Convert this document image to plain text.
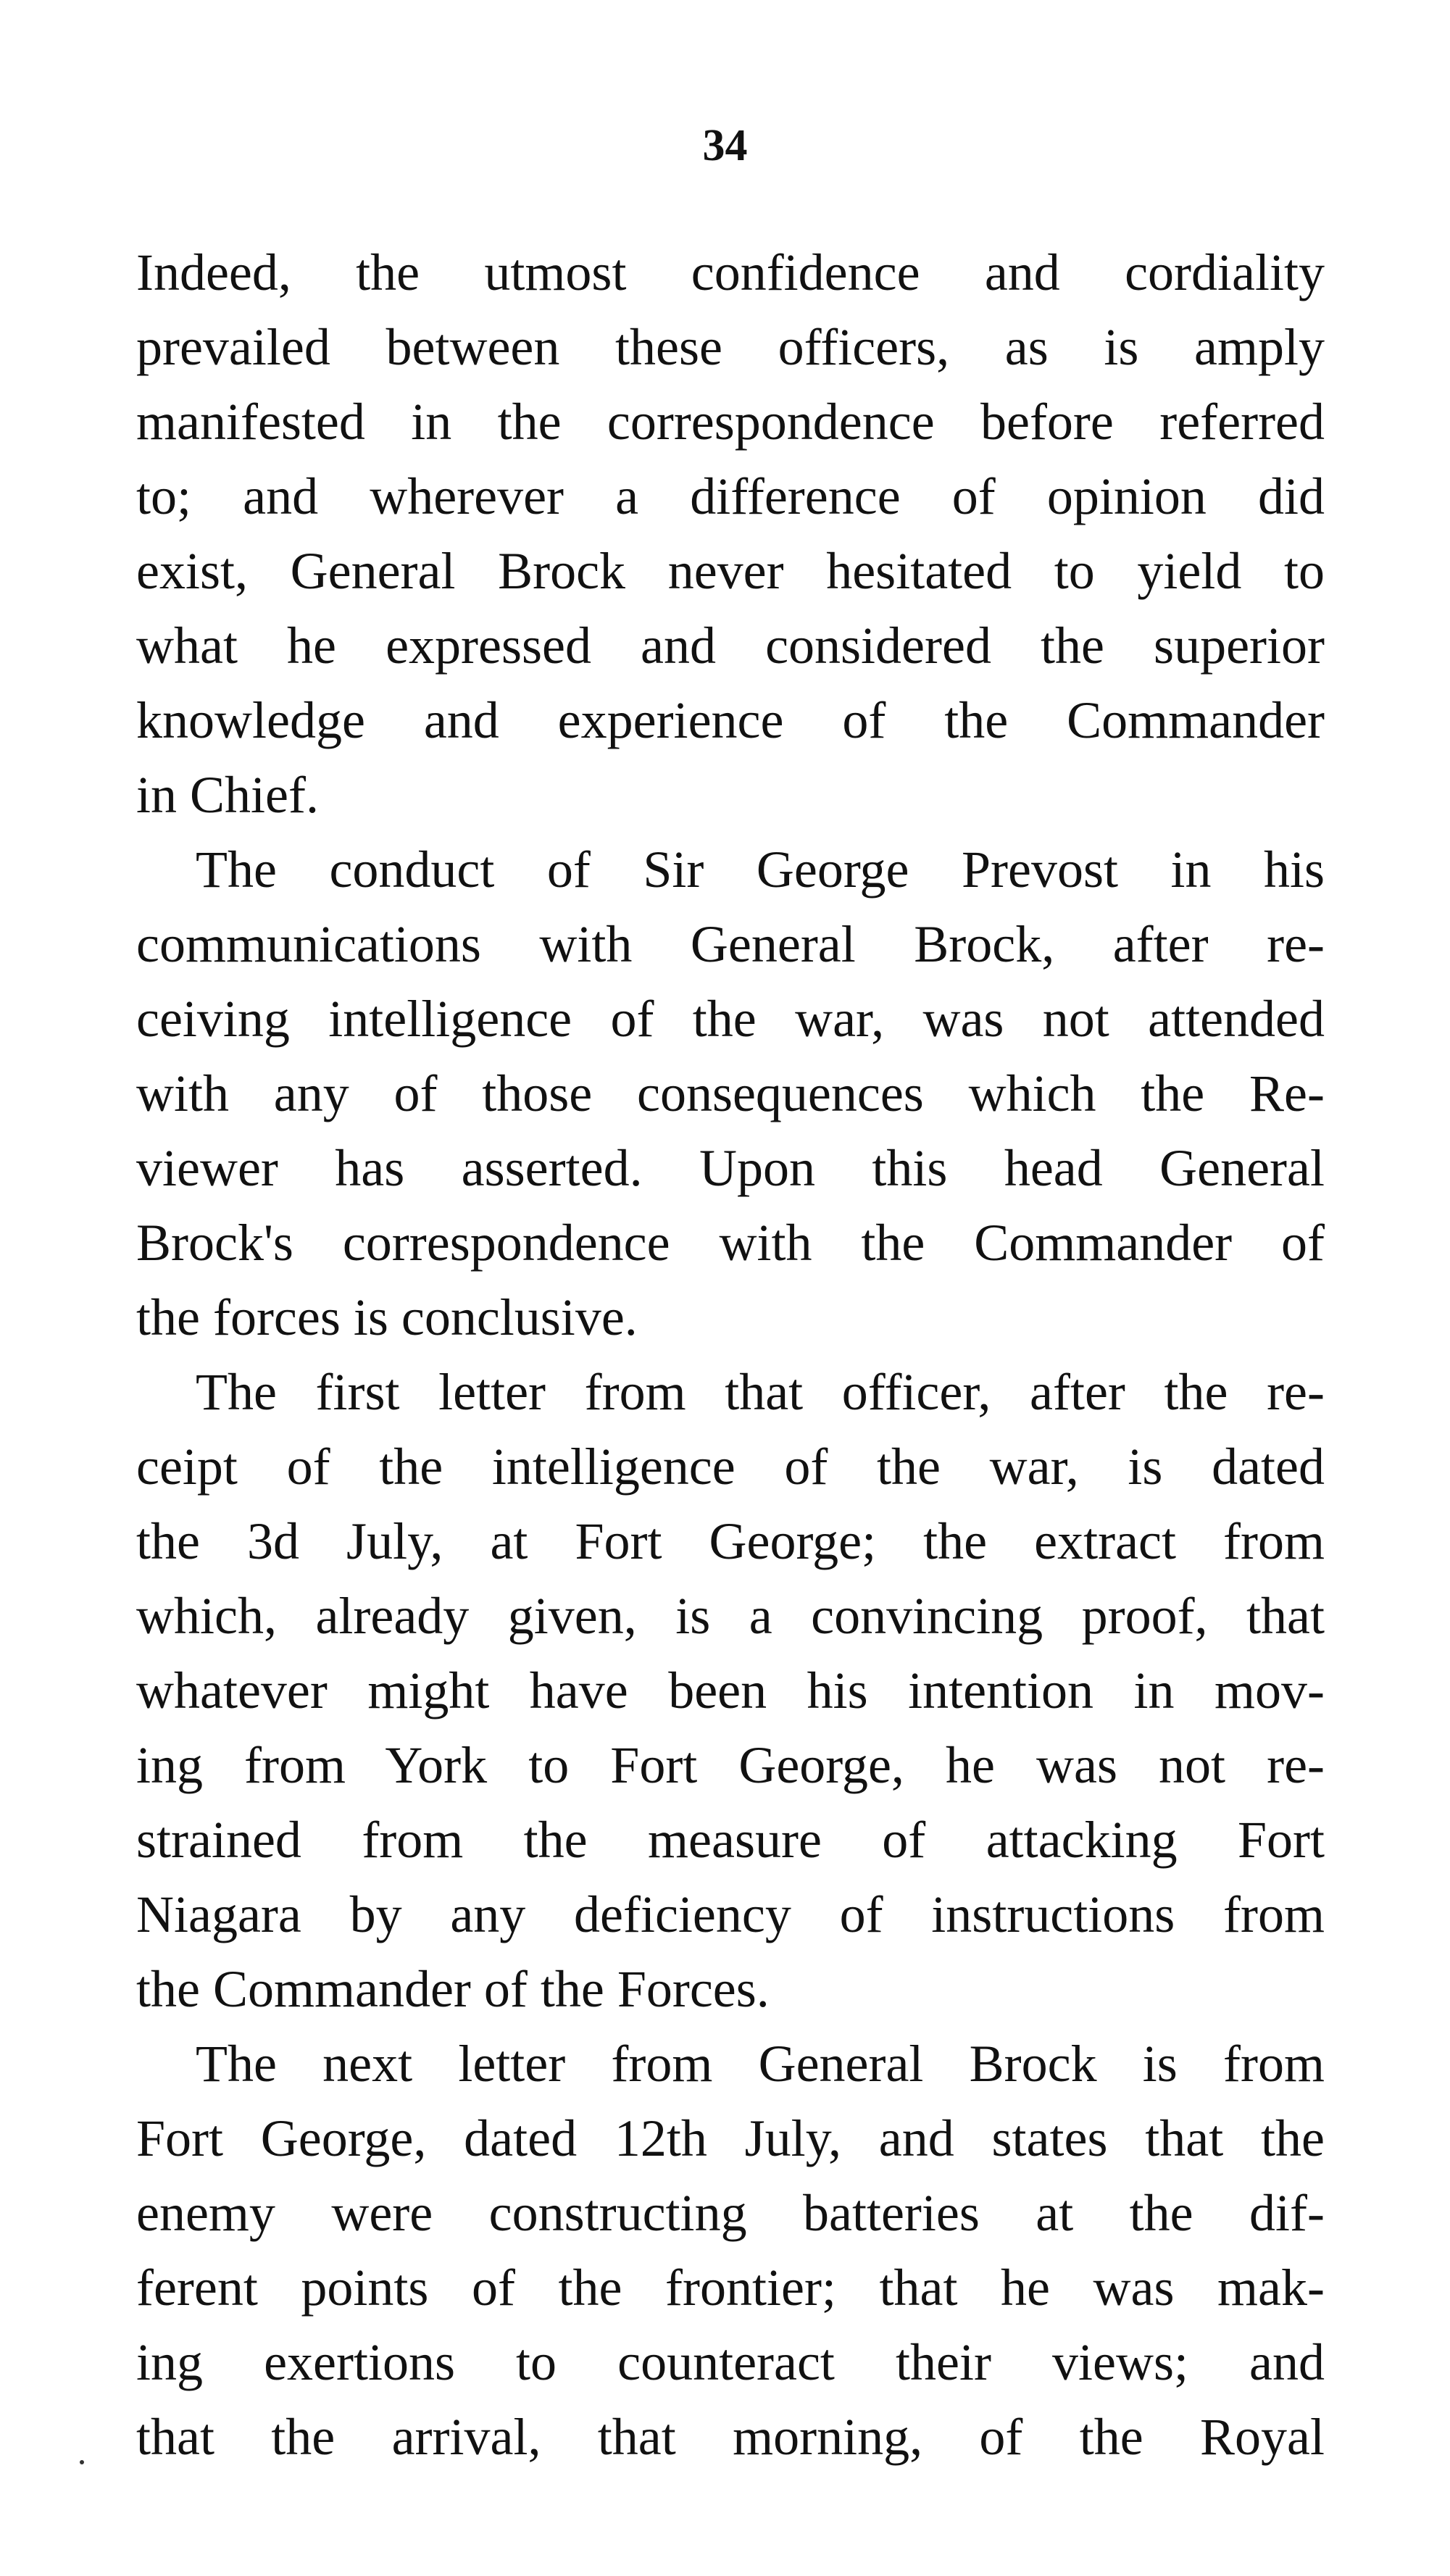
34

Indeed, the utmost confidence and cordiality
prevailed between these officers, as is amply
manifested in the correspondence before referred
to; and wherever a difference of opinion did
exist, General Brock never hesitated to yield to
what he expressed and considered the superior
knowledge and experience of the Commander
in Chief.

The conduct of Sir George Prevost in his
communications with General Brock, after re-
ceiving intelligence of the war, was not attended
with any of those consequences which the Re-
viewer has asserted. Upon this head General
Brock's correspondence with the Commander of
the forces is conclusive.

The first letter from that officer, after the re-
ceipt of the intelligence of the war, is dated
the 3d July, at Fort George; the extract from
which, already given, is a convincing proof, that
whatever might have been his intention in mov-
ing from York to Fort George, he was not re-
strained from the measure of attacking Fort
Niagara by any deficiency of instructions from
the Commander of the Forces.

The next letter from General Brock is from
Fort George, dated 12th July, and states that the
enemy were constructing batteries at the dif-
ferent points of the frontier; that he was mak-
ing exertions to counteract their views; and
that the arrival, that morning, of the Royal
